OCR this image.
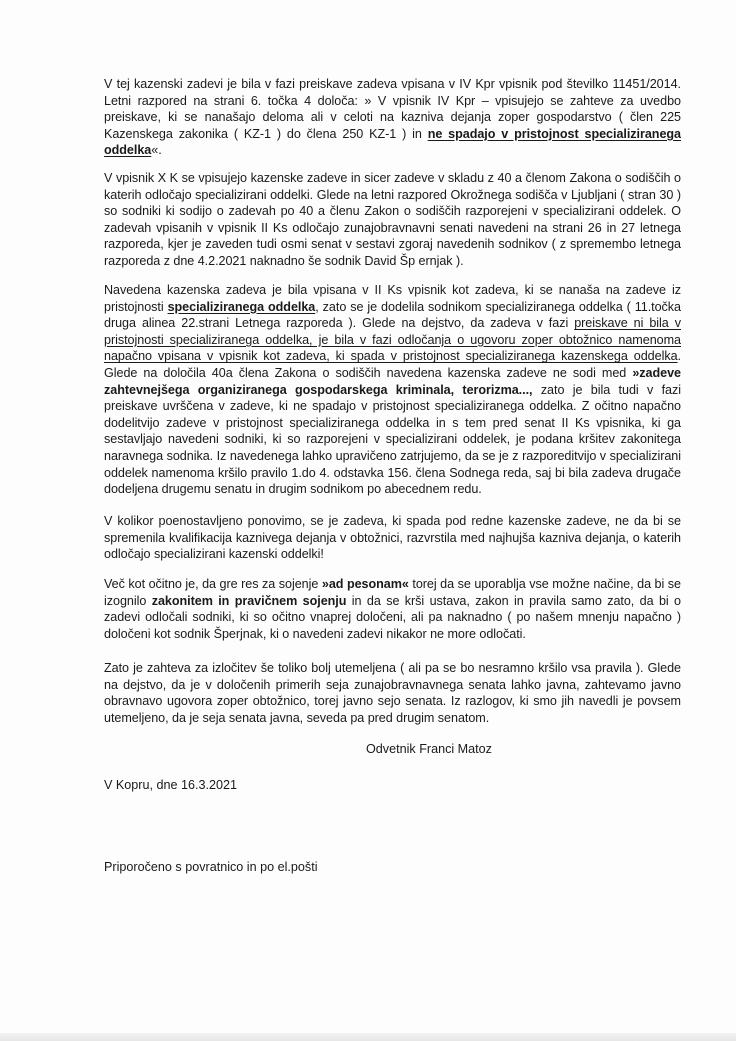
V tej kazenski zadevi je bila v fazi preiskave zadeva vpisana v IV Kpr vpisnik pod številko 11451/2014. Letni razpored na strani 6. točka 4 določa: » V vpisnik IV Kpr – vpisujejo se zahteve za uvedbo preiskave, ki se nanašajo deloma ali v celoti na kazniva dejanja zoper gospodarstvo ( člen 225 Kazenskega zakonika ( KZ-1 ) do člena 250 KZ-1 ) in ne spadajo v pristojnost specializiranega oddelka«.
V vpisnik X K se vpisujejo kazenske zadeve in sicer zadeve v skladu z 40 a členom Zakona o sodiščih o katerih odločajo specializirani oddelki. Glede na letni razpored Okrožnega sodišča v Ljubljani ( stran 30 ) so sodniki ki sodijo o zadevah po 40 a členu Zakon o sodiščih razporejeni v specializirani oddelek. O zadevah vpisanih v vpisnik II Ks odločajo zunajobravnavni senati navedeni na strani 26 in 27 letnega razporeda, kjer je zaveden tudi osmi senat v sestavi zgoraj navedenih sodnikov ( z spremembo letnega razporeda z dne 4.2.2021 naknadno še sodnik David Šp ernjak ).
Navedena kazenska zadeva je bila vpisana v II Ks vpisnik kot zadeva, ki se nanaša na zadeve iz pristojnosti specializiranega oddelka, zato se je dodelila sodnikom specializiranega oddelka ( 11.točka druga alinea 22.strani Letnega razporeda ). Glede na dejstvo, da zadeva v fazi preiskave ni bila v pristojnosti specializiranega oddelka, je bila v fazi odločanja o ugovoru zoper obtožnico namenoma napačno vpisana v vpisnik kot zadeva, ki spada v pristojnost specializiranega kazenskega oddelka. Glede na določila 40a člena Zakona o sodiščih navedena kazenska zadeve ne sodi med »zadeve zahtevnejšega organiziranega gospodarskega kriminala, terorizma..., zato je bila tudi v fazi preiskave uvrščena v zadeve, ki ne spadajo v pristojnost specializiranega oddelka. Z očitno napačno dodelitvijo zadeve v pristojnost specializiranega oddelka in s tem pred senat II Ks vpisnika, ki ga sestavljajo navedeni sodniki, ki so razporejeni v specializirani oddelek, je podana kršitev zakonitega naravnega sodnika. Iz navedenega lahko upravičeno zatrjujemo, da se je z razporeditvijo v specializirani oddelek namenoma kršilo pravilo 1.do 4. odstavka 156. člena Sodnega reda, saj bi bila zadeva drugače dodeljena drugemu senatu in drugim sodnikom po abecednem redu.
V kolikor poenostavljeno ponovimo, se je zadeva, ki spada pod redne kazenske zadeve, ne da bi se spremenila kvalifikacija kaznivega dejanja v obtožnici, razvrstila med najhujša kazniva dejanja, o katerih odločajo specializirani kazenski oddelki!
Več kot očitno je, da gre res za sojenje »ad pesonam« torej da se uporablja vse možne načine, da bi se izognilo zakonitem in pravičnem sojenju in da se krši ustava, zakon in pravila samo zato, da bi o zadevi odločali sodniki, ki so očitno vnaprej določeni, ali pa naknadno ( po našem mnenju napačno ) določeni kot sodnik Šperjnak, ki o navedeni zadevi nikakor ne more odločati.
Zato je zahteva za izločitev še toliko bolj utemeljena ( ali pa se bo nesramno kršilo vsa pravila ). Glede na dejstvo, da je v določenih primerih seja zunajobravnavnega senata lahko javna, zahtevamo javno obravnavo ugovora zoper obtožnico, torej javno sejo senata. Iz razlogov, ki smo jih navedli je povsem utemeljeno, da je seja senata javna, seveda pa pred drugim senatom.
Odvetnik Franci Matoz
V Kopru, dne 16.3.2021
Priporočeno s povratnico in po el.pošti
